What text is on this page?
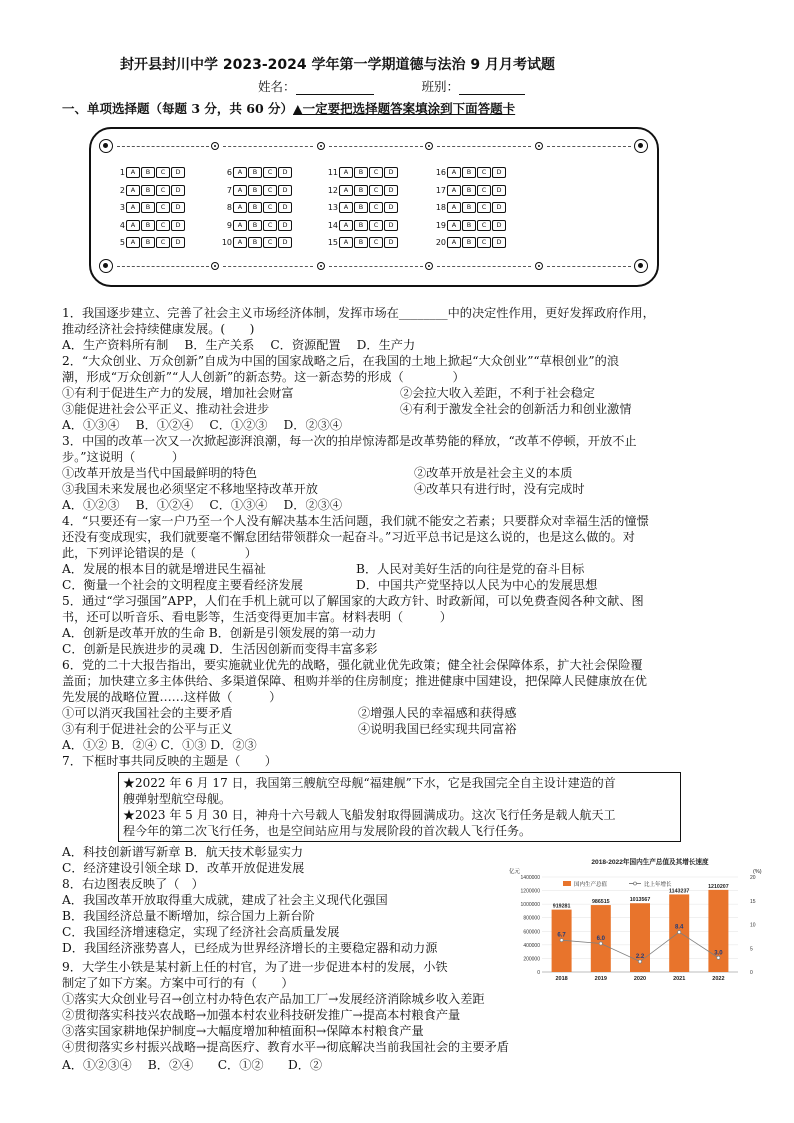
封开县封川中学 2023-2024 学年第一学期道德与法治 9 月月考试题
姓名：	班别：
一、单项选择题（每题 3 分，共 60 分）▲一定要把选择题答案填涂到下面答题卡
1 A B C D
2 A B C D
3 A B C D
4 A B C D
5 A B C D
6 A B C D
7 A B C D
8 A B C D
9 A B C D
10 A B C D
11 A B C D
12 A B C D
13 A B C D
14 A B C D
15 A B C D
16 A B C D
17 A B C D
18 A B C D
19 A B C D
20 A B C D
1．我国逐步建立、完善了社会主义市场经济体制，发挥市场在________中的决定性作用，更好发挥政府作用，
推动经济社会持续健康发展。(　　)
A．生产资料所有制　 B．生产关系　 C．资源配置　 D．生产力
2．“大众创业、万众创新”自成为中国的国家战略之后，在我国的土地上掀起“大众创业”“草根创业”的浪
潮，形成“万众创新”“人人创新”的新态势。这一新态势的形成（　　　　）
①有利于促进生产力的发展，增加社会财富	②会拉大收入差距，不利于社会稳定
③能促进社会公平正义、推动社会进步	④有利于激发全社会的创新活力和创业激情
A．①③④　 B．①②④　 C．①②③　 D．②③④
3．中国的改革一次又一次掀起澎湃浪潮，每一次的拍岸惊涛都是改革势能的释放，“改革不停顿，开放不止
步。”这说明（　　　）
①改革开放是当代中国最鲜明的特色	②改革开放是社会主义的本质
③我国未来发展也必须坚定不移地坚持改革开放	④改革只有进行时，没有完成时
A．①②③　 B．①②④　 C．①③④　 D．②③④
4．“只要还有一家一户乃至一个人没有解决基本生活问题，我们就不能安之若素；只要群众对幸福生活的憧憬
还没有变成现实，我们就要毫不懈怠团结带领群众一起奋斗。”习近平总书记是这么说的，也是这么做的。对
此，下列评论错误的是（　　　　）
A．发展的根本目的就是增进民生福祉	B．人民对美好生活的向往是党的奋斗目标
C．衡量一个社会的文明程度主要看经济发展	D．中国共产党坚持以人民为中心的发展思想
5．通过“学习强国”APP，人们在手机上就可以了解国家的大政方针、时政新闻，可以免费查阅各种文献、图
书，还可以听音乐、看电影等，生活变得更加丰富。材料表明（　　　）
A．创新是改革开放的生命 B．创新是引领发展的第一动力
C．创新是民族进步的灵魂 D．生活因创新而变得丰富多彩
6．党的二十大报告指出，要实施就业优先的战略，强化就业优先政策；健全社会保障体系，扩大社会保险覆
盖面；加快建立多主体供给、多渠道保障、租购并举的住房制度；推进健康中国建设，把保障人民健康放在优
先发展的战略位置……这样做（　　　）
①可以消灭我国社会的主要矛盾	②增强人民的幸福感和获得感
③有利于促进社会的公平与正义	④说明我国已经实现共同富裕
A．①② B．②④ C．①③ D．②③
7．下框时事共同反映的主题是（　　）
★2022 年 6 月 17 日，我国第三艘航空母舰“福建舰”下水，它是我国完全自主设计建造的首
艘弹射型航空母舰。
★2023 年 5 月 30 日，神舟十六号载人飞船发射取得圆满成功。这次飞行任务是载人航天工
程今年的第二次飞行任务，也是空间站应用与发展阶段的首次载人飞行任务。
A．科技创新谱写新章 B．航天技术彰显实力
C．经济建设引领全球 D．改革开放促进发展
8．右边图表反映了（　）
A．我国改革开放取得重大成就，建成了社会主义现代化强国
B．我国经济总量不断增加，综合国力上新台阶
C．我国经济增速稳定，实现了经济社会高质量发展
D．我国经济涨势喜人，已经成为世界经济增长的主要稳定器和动力源
9．大学生小铁是某村新上任的村官，为了进一步促进本村的发展，小铁
制定了如下方案。方案中可行的有（　　）
①落实大众创业号召→创立村办特色农产品加工厂→发展经济消除城乡收入差距
②贯彻落实科技兴农战略→加强本村农业科技研发推广→提高本村粮食产量
③落实国家耕地保护制度→大幅度增加种植面积→保障本村粮食产量
④贯彻落实乡村振兴战略→提高医疗、教育水平→彻底解决当前我国社会的主要矛盾
A．①②③④　 B．②④　　C．①②　　D．②
2018-2022年国内生产总值及其增长速度
亿元	(%)
0
200000
400000
600000
800000
1000000
1200000
1400000
0
5
10
15
20
国内生产总值	比上年增长
919281
2018
986515
2019
1013567
2020
1143237
2021
1210207
2022
6.7
6.0
2.2
8.4
3.0
